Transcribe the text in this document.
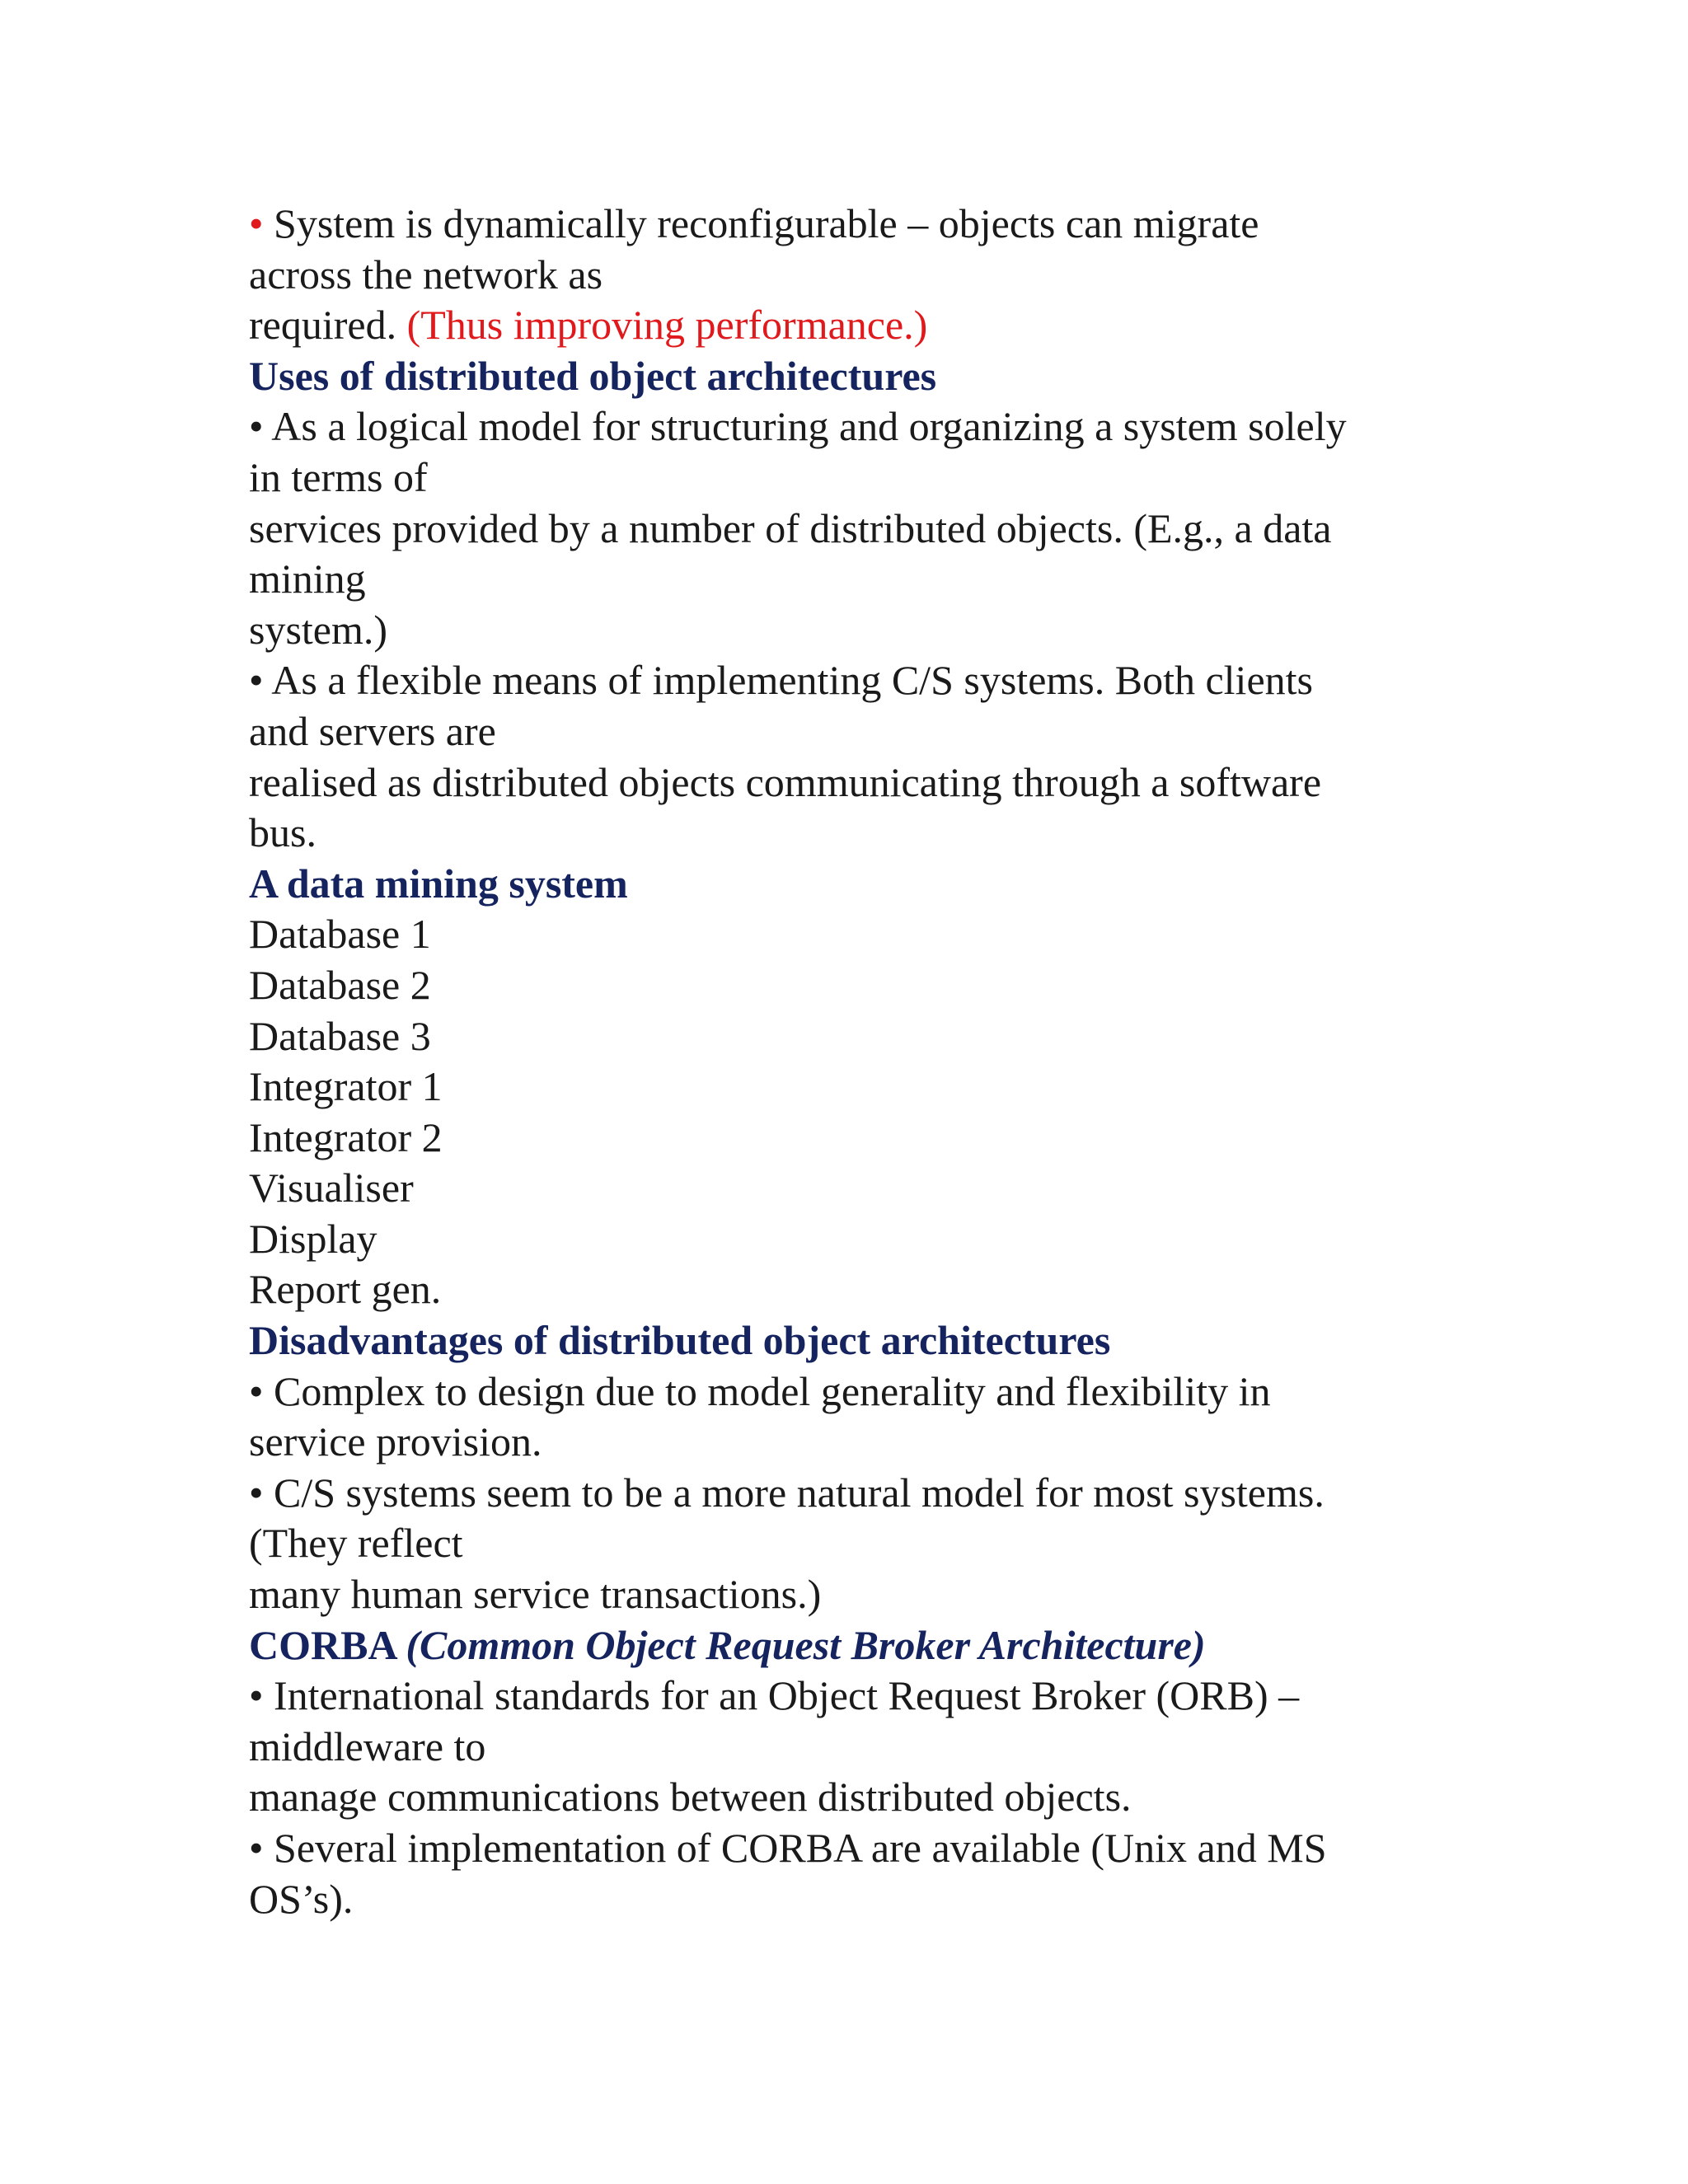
• System is dynamically reconfigurable – objects can migrate
across the network as
required. (Thus improving performance.)
Uses of distributed object architectures
• As a logical model for structuring and organizing a system solely
in terms of
services provided by a number of distributed objects. (E.g., a data
mining
system.)
• As a flexible means of implementing C/S systems. Both clients
and servers are
realised as distributed objects communicating through a software
bus.
A data mining system
Database 1
Database 2
Database 3
Integrator 1
Integrator 2
Visualiser
Display
Report gen.
Disadvantages of distributed object architectures
• Complex to design due to model generality and flexibility in
service provision.
• C/S systems seem to be a more natural model for most systems.
(They reflect
many human service transactions.)
CORBA (Common Object Request Broker Architecture)
• International standards for an Object Request Broker (ORB) –
middleware to
manage communications between distributed objects.
• Several implementation of CORBA are available (Unix and MS
OS’s).
